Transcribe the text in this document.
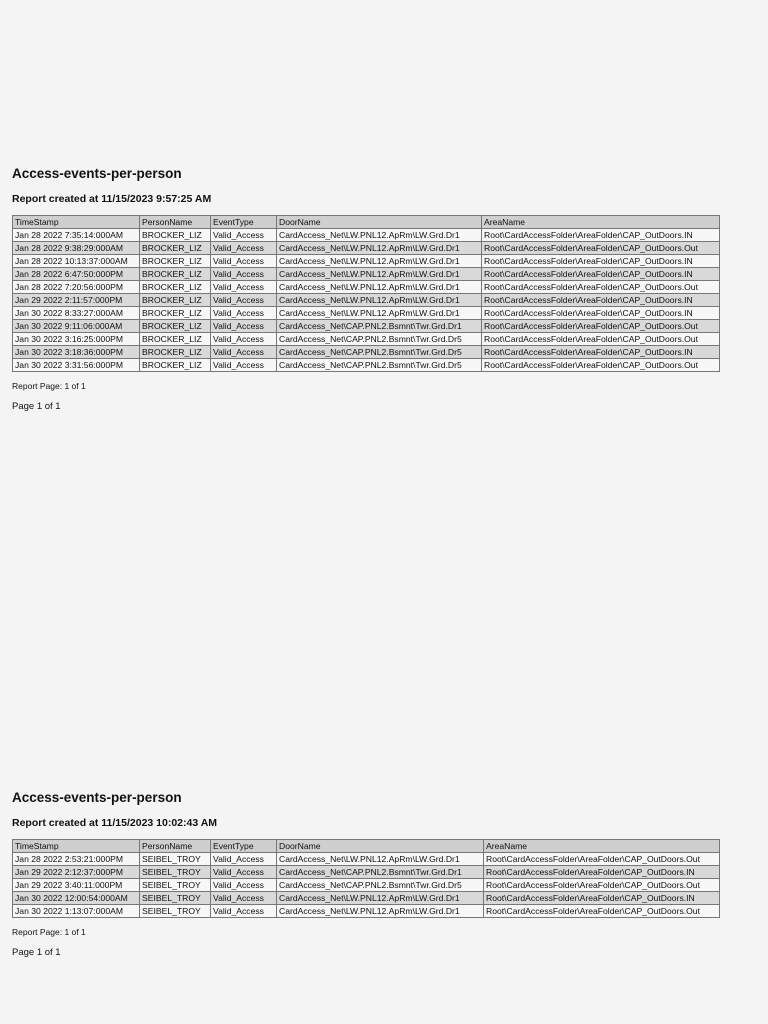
Access-events-per-person

Report created at 11/15/2023 9:57:25 AM

TimeStamp	PersonName	EventType	DoorName	AreaName
Jan 28 2022 7:35:14:000AM	BROCKER_LIZ	Valid_Access	CardAccess_Net\LW.PNL12.ApRm\LW.Grd.Dr1	Root\CardAccessFolder\AreaFolder\CAP_OutDoors.IN
Jan 28 2022 9:38:29:000AM	BROCKER_LIZ	Valid_Access	CardAccess_Net\LW.PNL12.ApRm\LW.Grd.Dr1	Root\CardAccessFolder\AreaFolder\CAP_OutDoors.Out
Jan 28 2022 10:13:37:000AM	BROCKER_LIZ	Valid_Access	CardAccess_Net\LW.PNL12.ApRm\LW.Grd.Dr1	Root\CardAccessFolder\AreaFolder\CAP_OutDoors.IN
Jan 28 2022 6:47:50:000PM	BROCKER_LIZ	Valid_Access	CardAccess_Net\LW.PNL12.ApRm\LW.Grd.Dr1	Root\CardAccessFolder\AreaFolder\CAP_OutDoors.IN
Jan 28 2022 7:20:56:000PM	BROCKER_LIZ	Valid_Access	CardAccess_Net\LW.PNL12.ApRm\LW.Grd.Dr1	Root\CardAccessFolder\AreaFolder\CAP_OutDoors.Out
Jan 29 2022 2:11:57:000PM	BROCKER_LIZ	Valid_Access	CardAccess_Net\LW.PNL12.ApRm\LW.Grd.Dr1	Root\CardAccessFolder\AreaFolder\CAP_OutDoors.IN
Jan 30 2022 8:33:27:000AM	BROCKER_LIZ	Valid_Access	CardAccess_Net\LW.PNL12.ApRm\LW.Grd.Dr1	Root\CardAccessFolder\AreaFolder\CAP_OutDoors.IN
Jan 30 2022 9:11:06:000AM	BROCKER_LIZ	Valid_Access	CardAccess_Net\CAP.PNL2.Bsmnt\Twr.Grd.Dr1	Root\CardAccessFolder\AreaFolder\CAP_OutDoors.Out
Jan 30 2022 3:16:25:000PM	BROCKER_LIZ	Valid_Access	CardAccess_Net\CAP.PNL2.Bsmnt\Twr.Grd.Dr5	Root\CardAccessFolder\AreaFolder\CAP_OutDoors.Out
Jan 30 2022 3:18:36:000PM	BROCKER_LIZ	Valid_Access	CardAccess_Net\CAP.PNL2.Bsmnt\Twr.Grd.Dr5	Root\CardAccessFolder\AreaFolder\CAP_OutDoors.IN
Jan 30 2022 3:31:56:000PM	BROCKER_LIZ	Valid_Access	CardAccess_Net\CAP.PNL2.Bsmnt\Twr.Grd.Dr5	Root\CardAccessFolder\AreaFolder\CAP_OutDoors.Out
Report Page: 1 of 1
Page 1 of 1
Access-events-per-person

Report created at 11/15/2023 10:02:43 AM

TimeStamp	PersonName	EventType	DoorName	AreaName
Jan 28 2022 2:53:21:000PM	SEIBEL_TROY	Valid_Access	CardAccess_Net\LW.PNL12.ApRm\LW.Grd.Dr1	Root\CardAccessFolder\AreaFolder\CAP_OutDoors.Out
Jan 29 2022 2:12:37:000PM	SEIBEL_TROY	Valid_Access	CardAccess_Net\CAP.PNL2.Bsmnt\Twr.Grd.Dr1	Root\CardAccessFolder\AreaFolder\CAP_OutDoors.IN
Jan 29 2022 3:40:11:000PM	SEIBEL_TROY	Valid_Access	CardAccess_Net\CAP.PNL2.Bsmnt\Twr.Grd.Dr5	Root\CardAccessFolder\AreaFolder\CAP_OutDoors.Out
Jan 30 2022 12:00:54:000AM	SEIBEL_TROY	Valid_Access	CardAccess_Net\LW.PNL12.ApRm\LW.Grd.Dr1	Root\CardAccessFolder\AreaFolder\CAP_OutDoors.IN
Jan 30 2022 1:13:07:000AM	SEIBEL_TROY	Valid_Access	CardAccess_Net\LW.PNL12.ApRm\LW.Grd.Dr1	Root\CardAccessFolder\AreaFolder\CAP_OutDoors.Out
Report Page: 1 of 1
Page 1 of 1
